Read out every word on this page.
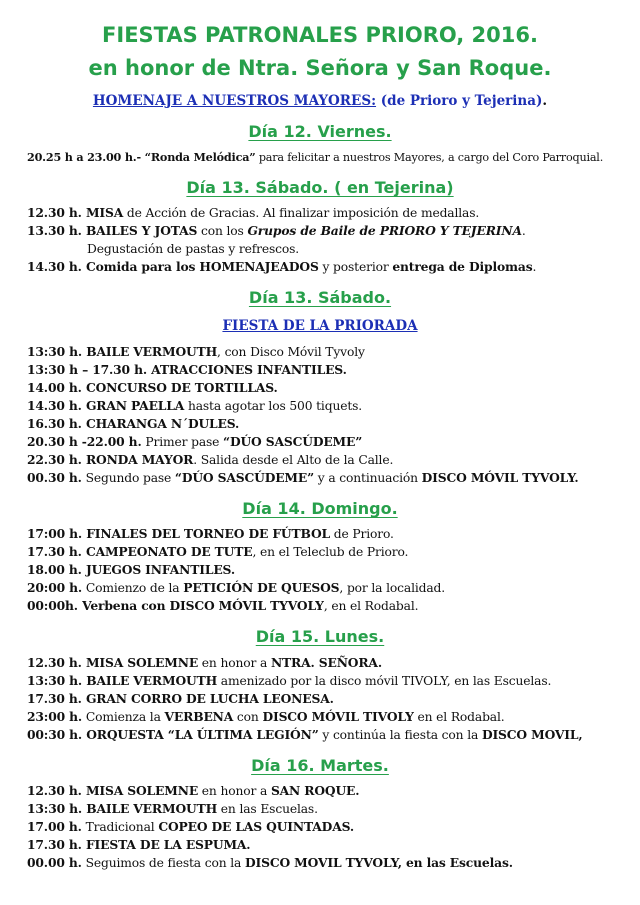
FIESTAS PATRONALES PRIORO, 2016.
en honor de Ntra. Señora y San Roque.
HOMENAJE A NUESTROS MAYORES: (de Prioro y Tejerina).
Día 12. Viernes.
20.25 h a 23.00 h.- “Ronda Melódica” para felicitar a nuestros Mayores, a cargo del Coro Parroquial.
Día 13. Sábado. ( en Tejerina)
12.30 h. MISA de Acción de Gracias. Al finalizar imposición de medallas.
13.30 h. BAILES Y JOTAS con los Grupos de Baile de PRIORO Y TEJERINA.
Degustación de pastas y refrescos.
14.30 h. Comida para los HOMENAJEADOS y posterior entrega de Diplomas.
Día 13. Sábado.
FIESTA DE LA PRIORADA
13:30 h. BAILE VERMOUTH, con Disco Móvil Tyvoly
13:30 h – 17.30 h. ATRACCIONES INFANTILES.
14.00 h. CONCURSO DE TORTILLAS.
14.30 h. GRAN PAELLA hasta agotar los 500 tiquets.
16.30 h. CHARANGA N´DULES.
20.30 h -22.00 h. Primer pase “DÚO SASCÚDEME”
22.30 h. RONDA MAYOR. Salida desde el Alto de la Calle.
00.30 h. Segundo pase “DÚO SASCÚDEME” y a continuación DISCO MÓVIL TYVOLY.
Día 14. Domingo.
17:00 h. FINALES DEL TORNEO DE FÚTBOL de Prioro.
17.30 h. CAMPEONATO DE TUTE, en el Teleclub de Prioro.
18.00 h. JUEGOS INFANTILES.
20:00 h. Comienzo de la PETICIÓN DE QUESOS, por la localidad.
00:00h. Verbena con DISCO MÓVIL TYVOLY, en el Rodabal.
Día 15. Lunes.
12.30 h. MISA SOLEMNE en honor a NTRA. SEÑORA.
13:30 h. BAILE VERMOUTH amenizado por la disco móvil TIVOLY, en las Escuelas.
17.30 h. GRAN CORRO DE LUCHA LEONESA.
23:00 h. Comienza la VERBENA con DISCO MÓVIL TIVOLY en el Rodabal.
00:30 h. ORQUESTA “LA ÚLTIMA LEGIÓN” y continúa la fiesta con la DISCO MOVIL,
Día 16. Martes.
12.30 h. MISA SOLEMNE en honor a SAN ROQUE.
13:30 h. BAILE VERMOUTH en las Escuelas.
17.00 h. Tradicional COPEO DE LAS QUINTADAS.
17.30 h. FIESTA DE LA ESPUMA.
00.00 h. Seguimos de fiesta con la DISCO MOVIL TYVOLY, en las Escuelas.
